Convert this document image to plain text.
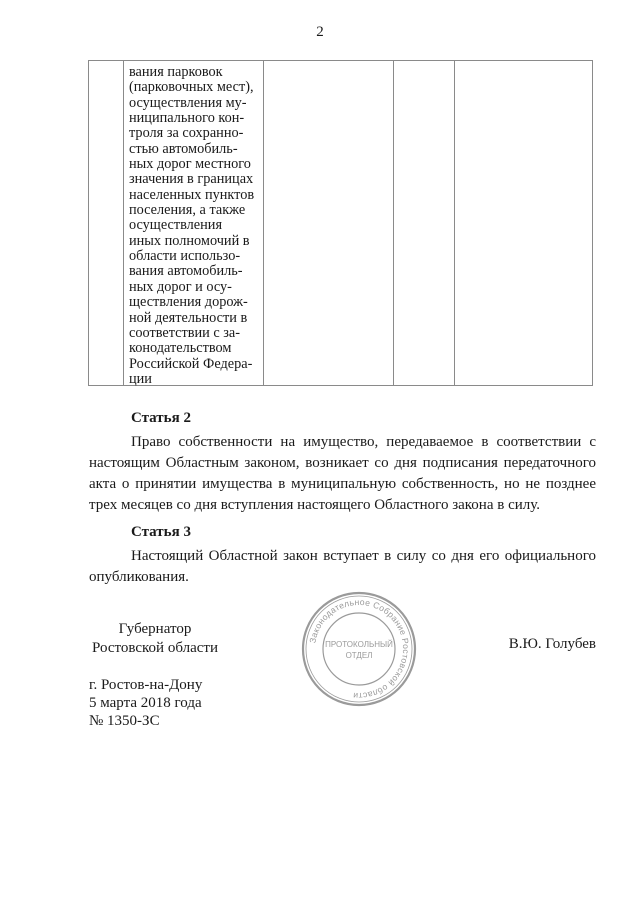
2

вания парковок
(парковочных мест),
осуществления му-
ниципального кон-
троля за сохранно-
стью автомобиль-
ных дорог местного
значения в границах
населенных пунктов
поселения, а также
осуществления
иных полномочий в
области использо-
вания автомобиль-
ных дорог и осу-
ществления дорож-
ной деятельности в
соответствии с за-
конодательством
Российской Федера-
ции

Статья 2

Право собственности на имущество, передаваемое в соответствии с настоящим Областным законом, возникает со дня подписания передаточного акта о принятии имущества в муниципальную собственность, но не позднее трех месяцев со дня вступления настоящего Областного закона в силу.

Статья 3

Настоящий Областной закон вступает в силу со дня его официального опубликования.

Губернатор
Ростовской области	В.Ю. Голубев
г. Ростов-на-Дону
5 марта 2018 года
№ 1350-ЗС
Законодательное Собрание Ростовской области
ПРОТОКОЛЬНЫЙ
ОТДЕЛ
